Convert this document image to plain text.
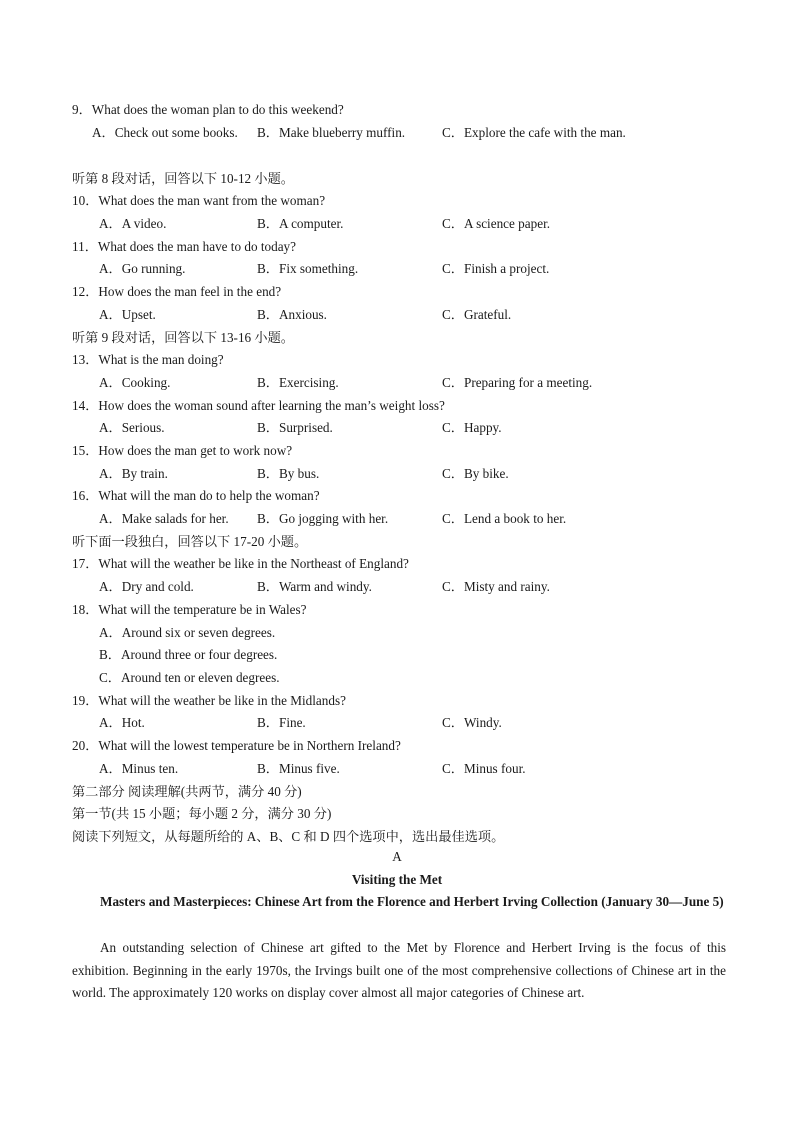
9．What does the woman plan to do this weekend?
A．Check out some books. B．Make blueberry muffin.	C．Explore the cafe with the man.
听第 8 段对话，回答以下 10-12 小题。
10．What does the man want from the woman?
A．A video.	B．A computer.	C．A science paper.
11．What does the man have to do today?
A．Go running.	B．Fix something.	C．Finish a project.
12．How does the man feel in the end?
A．Upset.	B．Anxious.	C．Grateful.
听第 9 段对话，回答以下 13-16 小题。
13．What is the man doing?
A．Cooking.	B．Exercising.	C．Preparing for a meeting.
14．How does the woman sound after learning the man’s weight loss?
A．Serious.	B．Surprised.	C．Happy.
15．How does the man get to work now?
A．By train.	B．By bus.	C．By bike.
16．What will the man do to help the woman?
A．Make salads for her. B．Go jogging with her.	C．Lend a book to her.
听下面一段独白，回答以下 17-20 小题。
17．What will the weather be like in the Northeast of England?
A．Dry and cold.	B．Warm and windy.	C．Misty and rainy.
18．What will the temperature be in Wales?
A．Around six or seven degrees.
B．Around three or four degrees.
C．Around ten or eleven degrees.
19．What will the weather be like in the Midlands?
A．Hot.	B．Fine.	C．Windy.
20．What will the lowest temperature be in Northern Ireland?
A．Minus ten.	B．Minus five.	C．Minus four.
第二部分 阅读理解(共两节，满分 40 分)
第一节(共 15 小题；每小题 2 分，满分 30 分)
阅读下列短文，从每题所给的 A、B、C 和 D 四个选项中，选出最佳选项。
A
Visiting the Met
Masters and Masterpieces: Chinese Art from the Florence and Herbert Irving Collection (January 30—June 5)
An outstanding selection of Chinese art gifted to the Met by Florence and Herbert Irving is the focus of this exhibition. Beginning in the early 1970s, the Irvings built one of the most comprehensive collections of Chinese art in the world. The approximately 120 works on display cover almost all major categories of Chinese art.
